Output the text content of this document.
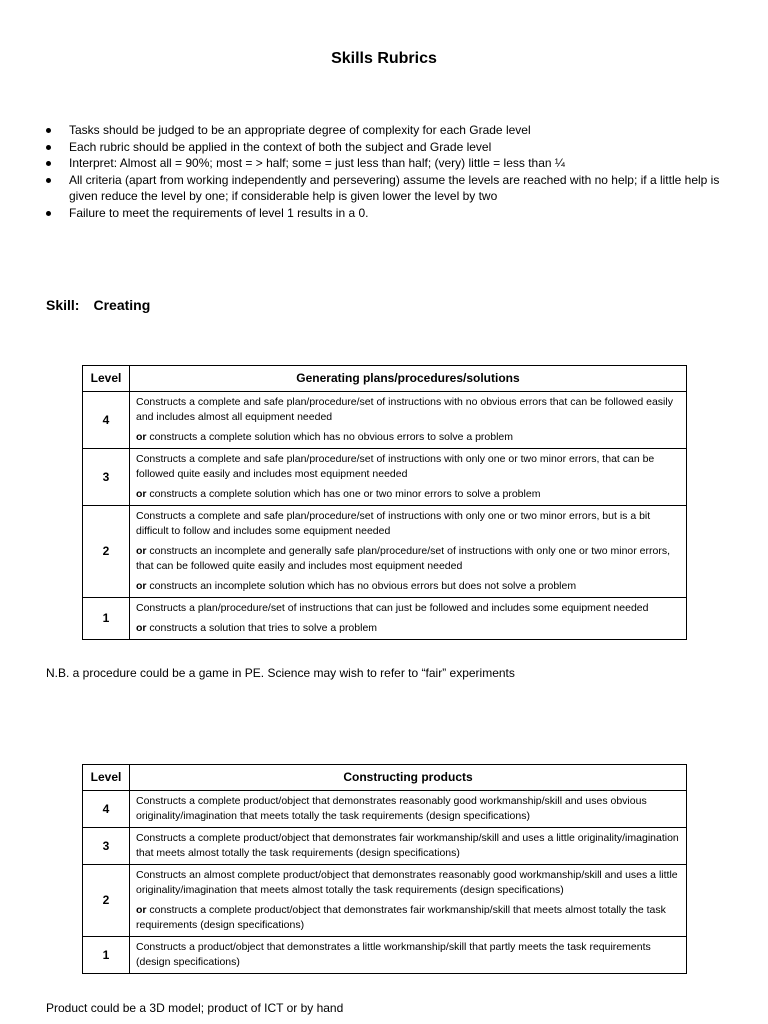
Skills Rubrics
Tasks should be judged to be an appropriate degree of complexity for each Grade level
Each rubric should be applied in the context of both the subject and Grade level
Interpret: Almost all = 90%; most = > half; some = just less than half; (very) little = less than ¼
All criteria (apart from working independently and persevering) assume the levels are reached with no help; if a little help is given reduce the level by one; if considerable help is given lower the level by two
Failure to meet the requirements of level 1 results in a 0.
Skill: Creating
Level	Generating plans/procedures/solutions
4	Constructs a complete and safe plan/procedure/set of instructions with no obvious errors that can be followed easily and includes almost all equipment needed

or constructs a complete solution which has no obvious errors to solve a problem

3	Constructs a complete and safe plan/procedure/set of instructions with only one or two minor errors, that can be followed quite easily and includes most equipment needed

or constructs a complete solution which has one or two minor errors to solve a problem

2	Constructs a complete and safe plan/procedure/set of instructions with only one or two minor errors, but is a bit difficult to follow and includes some equipment needed

or constructs an incomplete and generally safe plan/procedure/set of instructions with only one or two minor errors, that can be followed quite easily and includes most equipment needed

or constructs an incomplete solution which has no obvious errors but does not solve a problem

1	Constructs a plan/procedure/set of instructions that can just be followed and includes some equipment needed

or constructs a solution that tries to solve a problem

N.B. a procedure could be a game in PE. Science may wish to refer to “fair” experiments
Level	Constructing products
4	Constructs a complete product/object that demonstrates reasonably good workmanship/skill and uses obvious originality/imagination that meets totally the task requirements (design specifications)

3	Constructs a complete product/object that demonstrates fair workmanship/skill and uses a little originality/imagination that meets almost totally the task requirements (design specifications)

2	Constructs an almost complete product/object that demonstrates reasonably good workmanship/skill and uses a little originality/imagination that meets almost totally the task requirements (design specifications)

or constructs a complete product/object that demonstrates fair workmanship/skill that meets almost totally the task requirements (design specifications)

1	Constructs a product/object that demonstrates a little workmanship/skill that partly meets the task requirements (design specifications)

Product could be a 3D model; product of ICT or by hand
